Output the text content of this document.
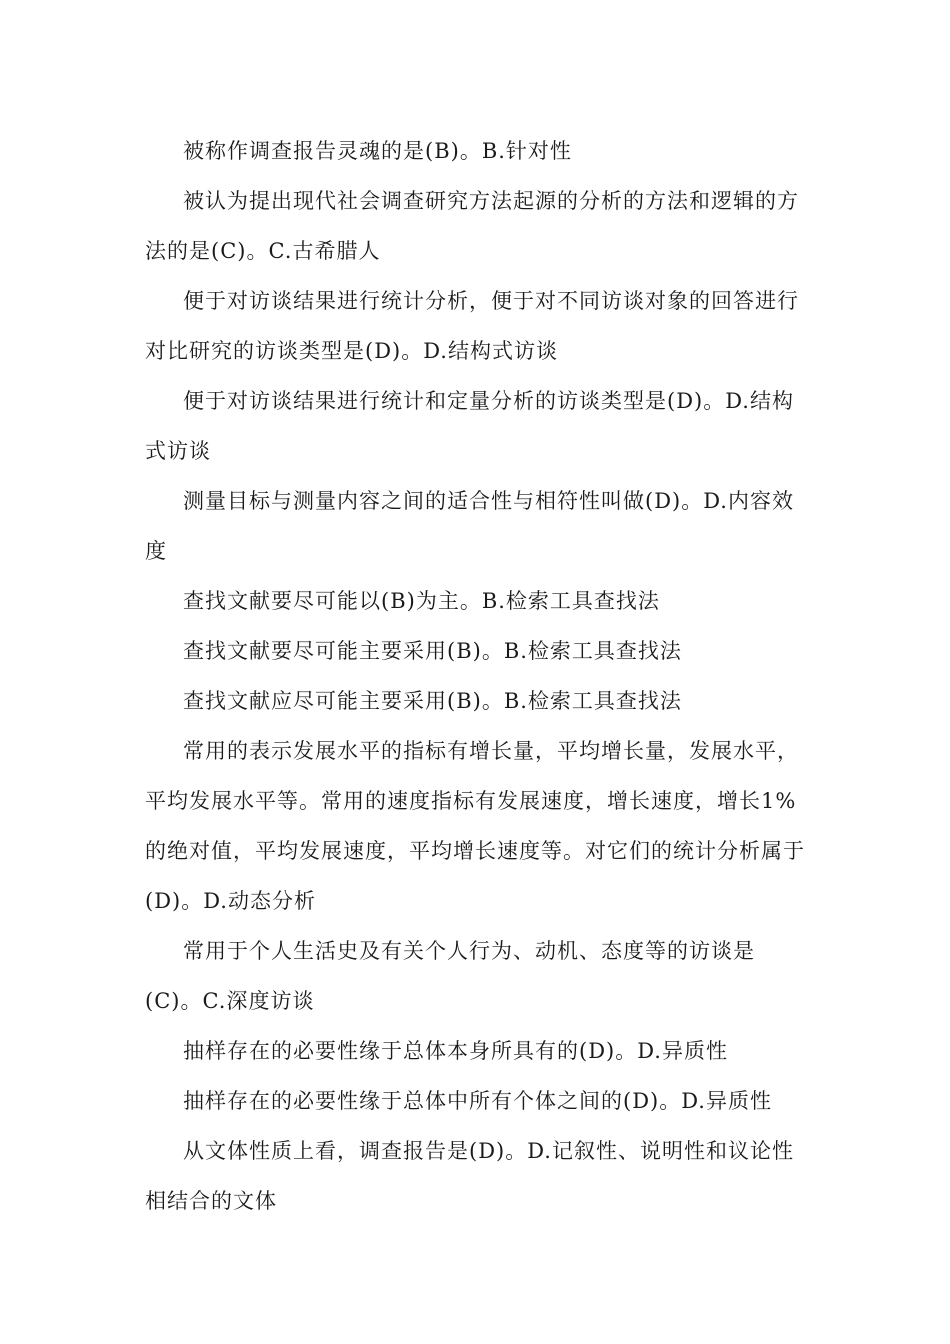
被称作调查报告灵魂的是(B)。B.针对性

被认为提出现代社会调查研究方法起源的分析的方法和逻辑的方法的是(C)。C.古希腊人

便于对访谈结果进行统计分析，便于对不同访谈对象的回答进行对比研究的访谈类型是(D)。D.结构式访谈

便于对访谈结果进行统计和定量分析的访谈类型是(D)。D.结构式访谈

测量目标与测量内容之间的适合性与相符性叫做(D)。D.内容效度

查找文献要尽可能以(B)为主。B.检索工具查找法

查找文献要尽可能主要采用(B)。B.检索工具查找法

查找文献应尽可能主要采用(B)。B.检索工具查找法

常用的表示发展水平的指标有增长量，平均增长量，发展水平，平均发展水平等。常用的速度指标有发展速度，增长速度，增长1%的绝对值，平均发展速度，平均增长速度等。对它们的统计分析属于(D)。D.动态分析

常用于个人生活史及有关个人行为、动机、态度等的访谈是(C)。C.深度访谈

抽样存在的必要性缘于总体本身所具有的(D)。D.异质性

抽样存在的必要性缘于总体中所有个体之间的(D)。D.异质性

从文体性质上看，调查报告是(D)。D.记叙性、说明性和议论性相结合的文体
